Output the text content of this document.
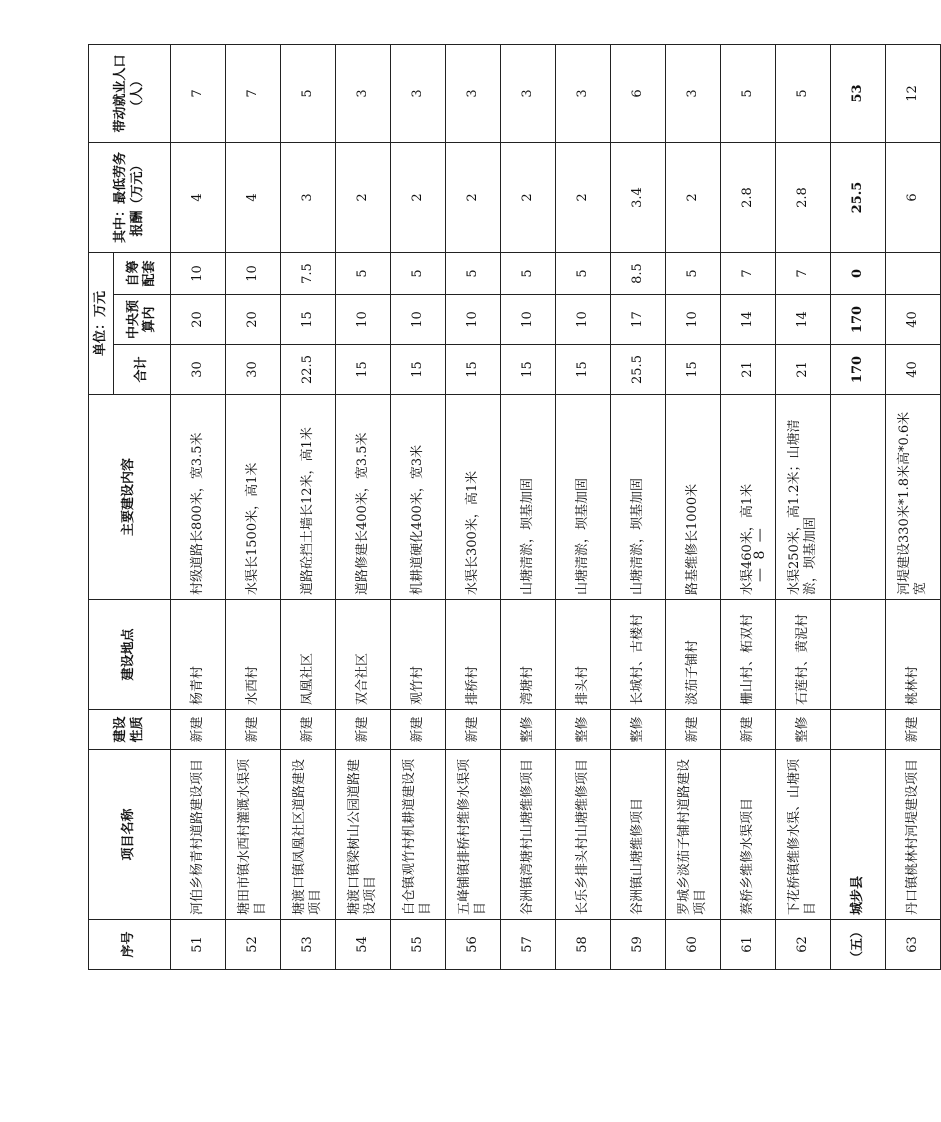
序号	项目名称	建设性质	建设地点	主要建设内容	单位：万元			其中：最低劳务报酬（万元）	带动就业人口（人）
					合计	中央预算内	自筹配套		
51	河伯乡杨青村道路建设项目	新建	杨青村	村级道路长800米，宽3.5米	30	20	10	4	7
52	塘田市镇水西村灌溉水渠项目	新建	水西村	水渠长1500米，高1米	30	20	10	4	7
53	塘渡口镇凤凰社区道路建设项目	新建	凤凰社区	道路砼挡土墙长12米，高1米	22.5	15	7.5	3	5
54	塘渡口镇梁树山公园道路建设项目	新建	双合社区	道路修建长400米，宽3.5米	15	10	5	2	3
55	白仓镇观竹村机耕道建设项目	新建	观竹村	机耕道硬化400米，宽3米	15	10	5	2	3
56	五峰铺镇排桥村维修水渠项目	新建	排桥村	水渠长300米，高1米	15	10	5	2	3
57	谷洲镇湾塘村山塘维修项目	整修	湾塘村	山塘清淤，坝基加固	15	10	5	2	3
58	长乐乡排头村山塘维修项目	整修	排头村	山塘清淤，坝基加固	15	10	5	2	3
59	谷洲镇山塘维修项目	整修	长城村、古楼村	山塘清淤，坝基加固	25.5	17	8.5	3.4	6
60	罗城乡淡茄子铺村道路建设项目	新建	淡茄子铺村	路基维修长1000米	15	10	5	2	3
61	蔡桥乡维修水渠项目	新建	栅山村、柘双村	水渠460米，高1米	21	14	7	2.8	5
62	下花桥镇维修水渠、山塘项目	整修	石莲村、黄泥村	水渠250米，高1.2米；山塘清淤，坝基加固	21	14	7	2.8	5
（五）	城步县				170	170	0	25.5	53
63	丹口镇桃林村河堤建设项目	新建	桃林村	河堤建设330米*1.8米高*0.6米宽	40	40		6	12
— 8 —
